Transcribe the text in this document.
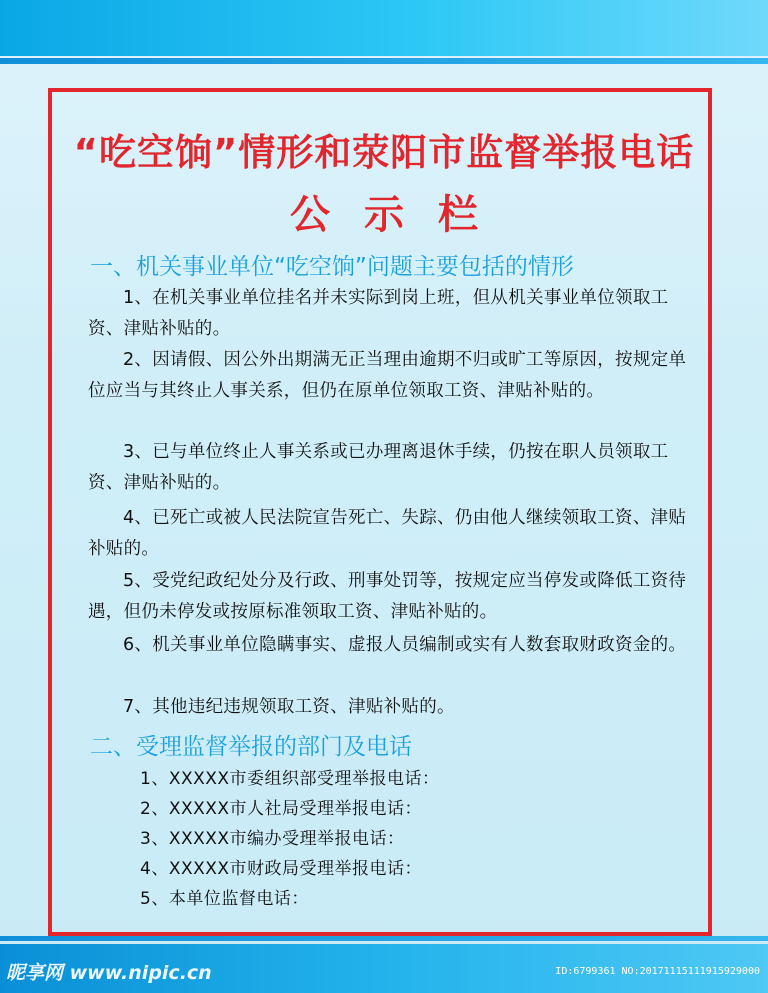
“吃空饷”情形和荥阳市监督举报电话
公示栏
一、机关事业单位“吃空饷”问题主要包括的情形
1、在机关事业单位挂名并未实际到岗上班，但从机关事业单位领取工资、津贴补贴的。
2、因请假、因公外出期满无正当理由逾期不归或旷工等原因，按规定单位应当与其终止人事关系，但仍在原单位领取工资、津贴补贴的。
3、已与单位终止人事关系或已办理离退休手续，仍按在职人员领取工资、津贴补贴的。
4、已死亡或被人民法院宣告死亡、失踪、仍由他人继续领取工资、津贴补贴的。
5、受党纪政纪处分及行政、刑事处罚等，按规定应当停发或降低工资待遇，但仍未停发或按原标准领取工资、津贴补贴的。
6、机关事业单位隐瞒事实、虚报人员编制或实有人数套取财政资金的。
7、其他违纪违规领取工资、津贴补贴的。
二、受理监督举报的部门及电话
1、XXXXX市委组织部受理举报电话：
2、XXXXX市人社局受理举报电话：
3、XXXXX市编办受理举报电话：
4、XXXXX市财政局受理举报电话：
5、本单位监督电话：
昵享网 www.nipic.cn	ID:6799361 NO:20171115111915929000
